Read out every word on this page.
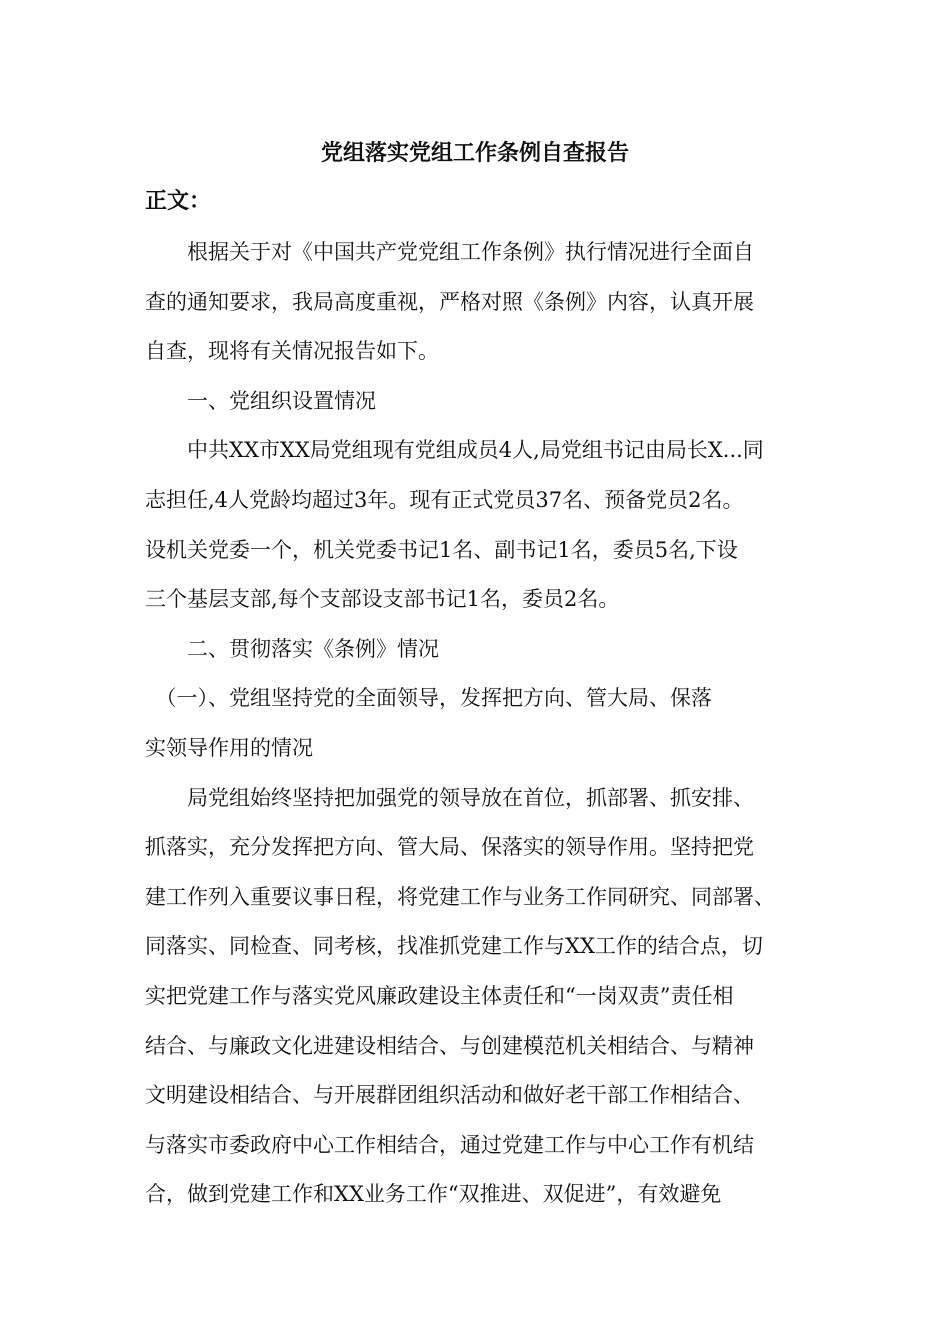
党组落实党组工作条例自查报告
正文：
　　根据关于对《中国共产党党组工作条例》执行情况进行全面自
查的通知要求，我局高度重视，严格对照《条例》内容，认真开展
自查，现将有关情况报告如下。
　　一、党组织设置情况
　　中共XX市XX局党组现有党组成员4人,局党组书记由局长X...同
志担任,4人党龄均超过3年。现有正式党员37名、预备党员2名。
设机关党委一个，机关党委书记1名、副书记1名，委员5名,下设
三个基层支部,每个支部设支部书记1名，委员2名。
　　二、贯彻落实《条例》情况
　（一）、党组坚持党的全面领导，发挥把方向、管大局、保落
实领导作用的情况
　　局党组始终坚持把加强党的领导放在首位，抓部署、抓安排、
抓落实，充分发挥把方向、管大局、保落实的领导作用。坚持把党
建工作列入重要议事日程，将党建工作与业务工作同研究、同部署、
同落实、同检查、同考核，找准抓党建工作与XX工作的结合点，切
实把党建工作与落实党风廉政建设主体责任和“一岗双责”责任相
结合、与廉政文化进建设相结合、与创建模范机关相结合、与精神
文明建设相结合、与开展群团组织活动和做好老干部工作相结合、
与落实市委政府中心工作相结合，通过党建工作与中心工作有机结
合，做到党建工作和XX业务工作“双推进、双促进”，有效避免
